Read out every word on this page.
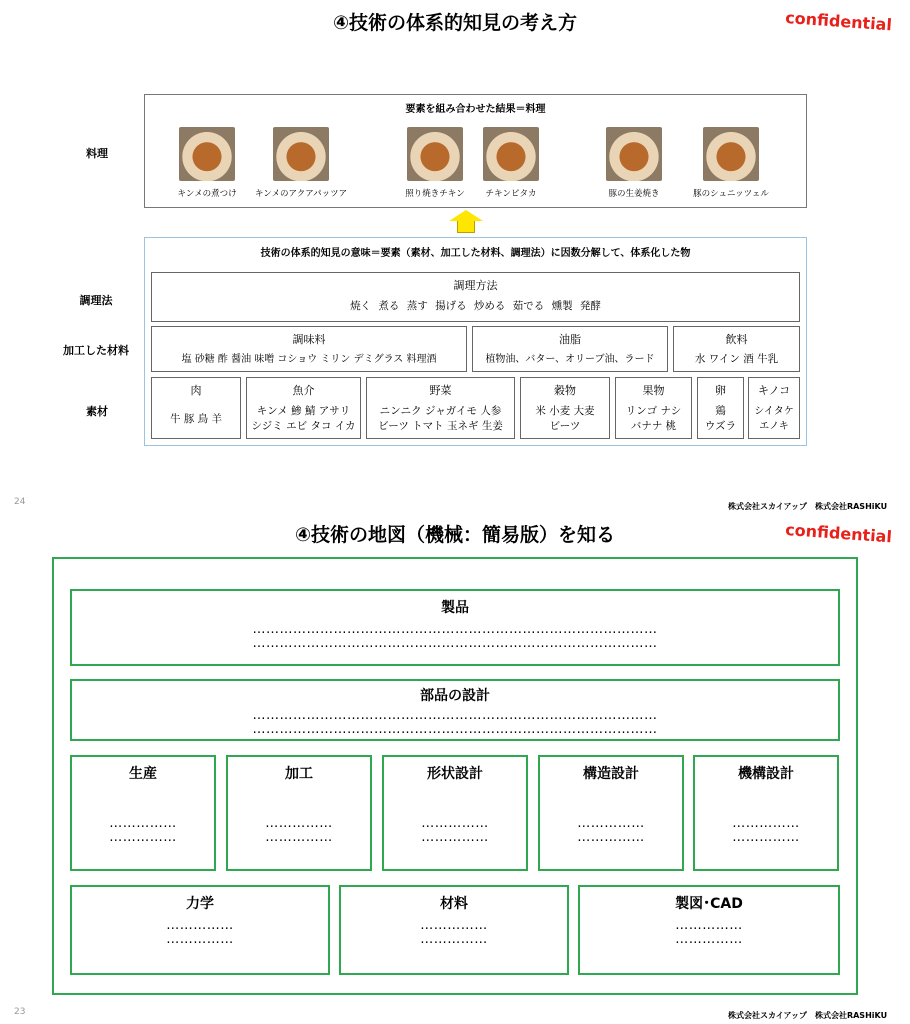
④技術の体系的知見の考え方	confidential
料理
調理法
加工した材料
素材
要素を組み合わせた結果＝料理
キンメの煮つけ	キンメのアクアパッツア	照り焼きチキン	チキンピタカ	豚の生姜焼き	豚のシュニッツェル
技術の体系的知見の意味＝要素（素材、加工した材料、調理法）に因数分解して、体系化した物
調理方法
焼く 煮る 蒸す 揚げる 炒める 茹でる 燻製 発酵
調味料
塩 砂糖 酢 醤油 味噌 コショウ ミリン デミグラス 料理酒
油脂
植物油、バター、オリーブ油、ラード
飲料
水 ワイン 酒 牛乳
肉
牛 豚 鳥 羊
魚介
キンメ 鯵 鯖 アサリ
シジミ エビ タコ イカ
野菜
ニンニク ジャガイモ 人参
ビーツ トマト 玉ネギ 生姜
穀物
米 小麦 大麦
ビーツ
果物
リンゴ ナシ
バナナ 桃
卵
鶏
ウズラ
キノコ
シイタケ
エノキ
24	株式会社スカイアップ　株式会社RASHiKU
④技術の地図（機械：簡易版）を知る	confidential
製品
………………………………………………………………………………
………………………………………………………………………………
部品の設計
………………………………………………………………………………
………………………………………………………………………………
生産
……………
……………
加工
……………
……………
形状設計
……………
……………
構造設計
……………
……………
機構設計
……………
……………
力学
……………
……………
材料
……………
……………
製図･CAD
……………
……………
23	株式会社スカイアップ　株式会社RASHiKU
